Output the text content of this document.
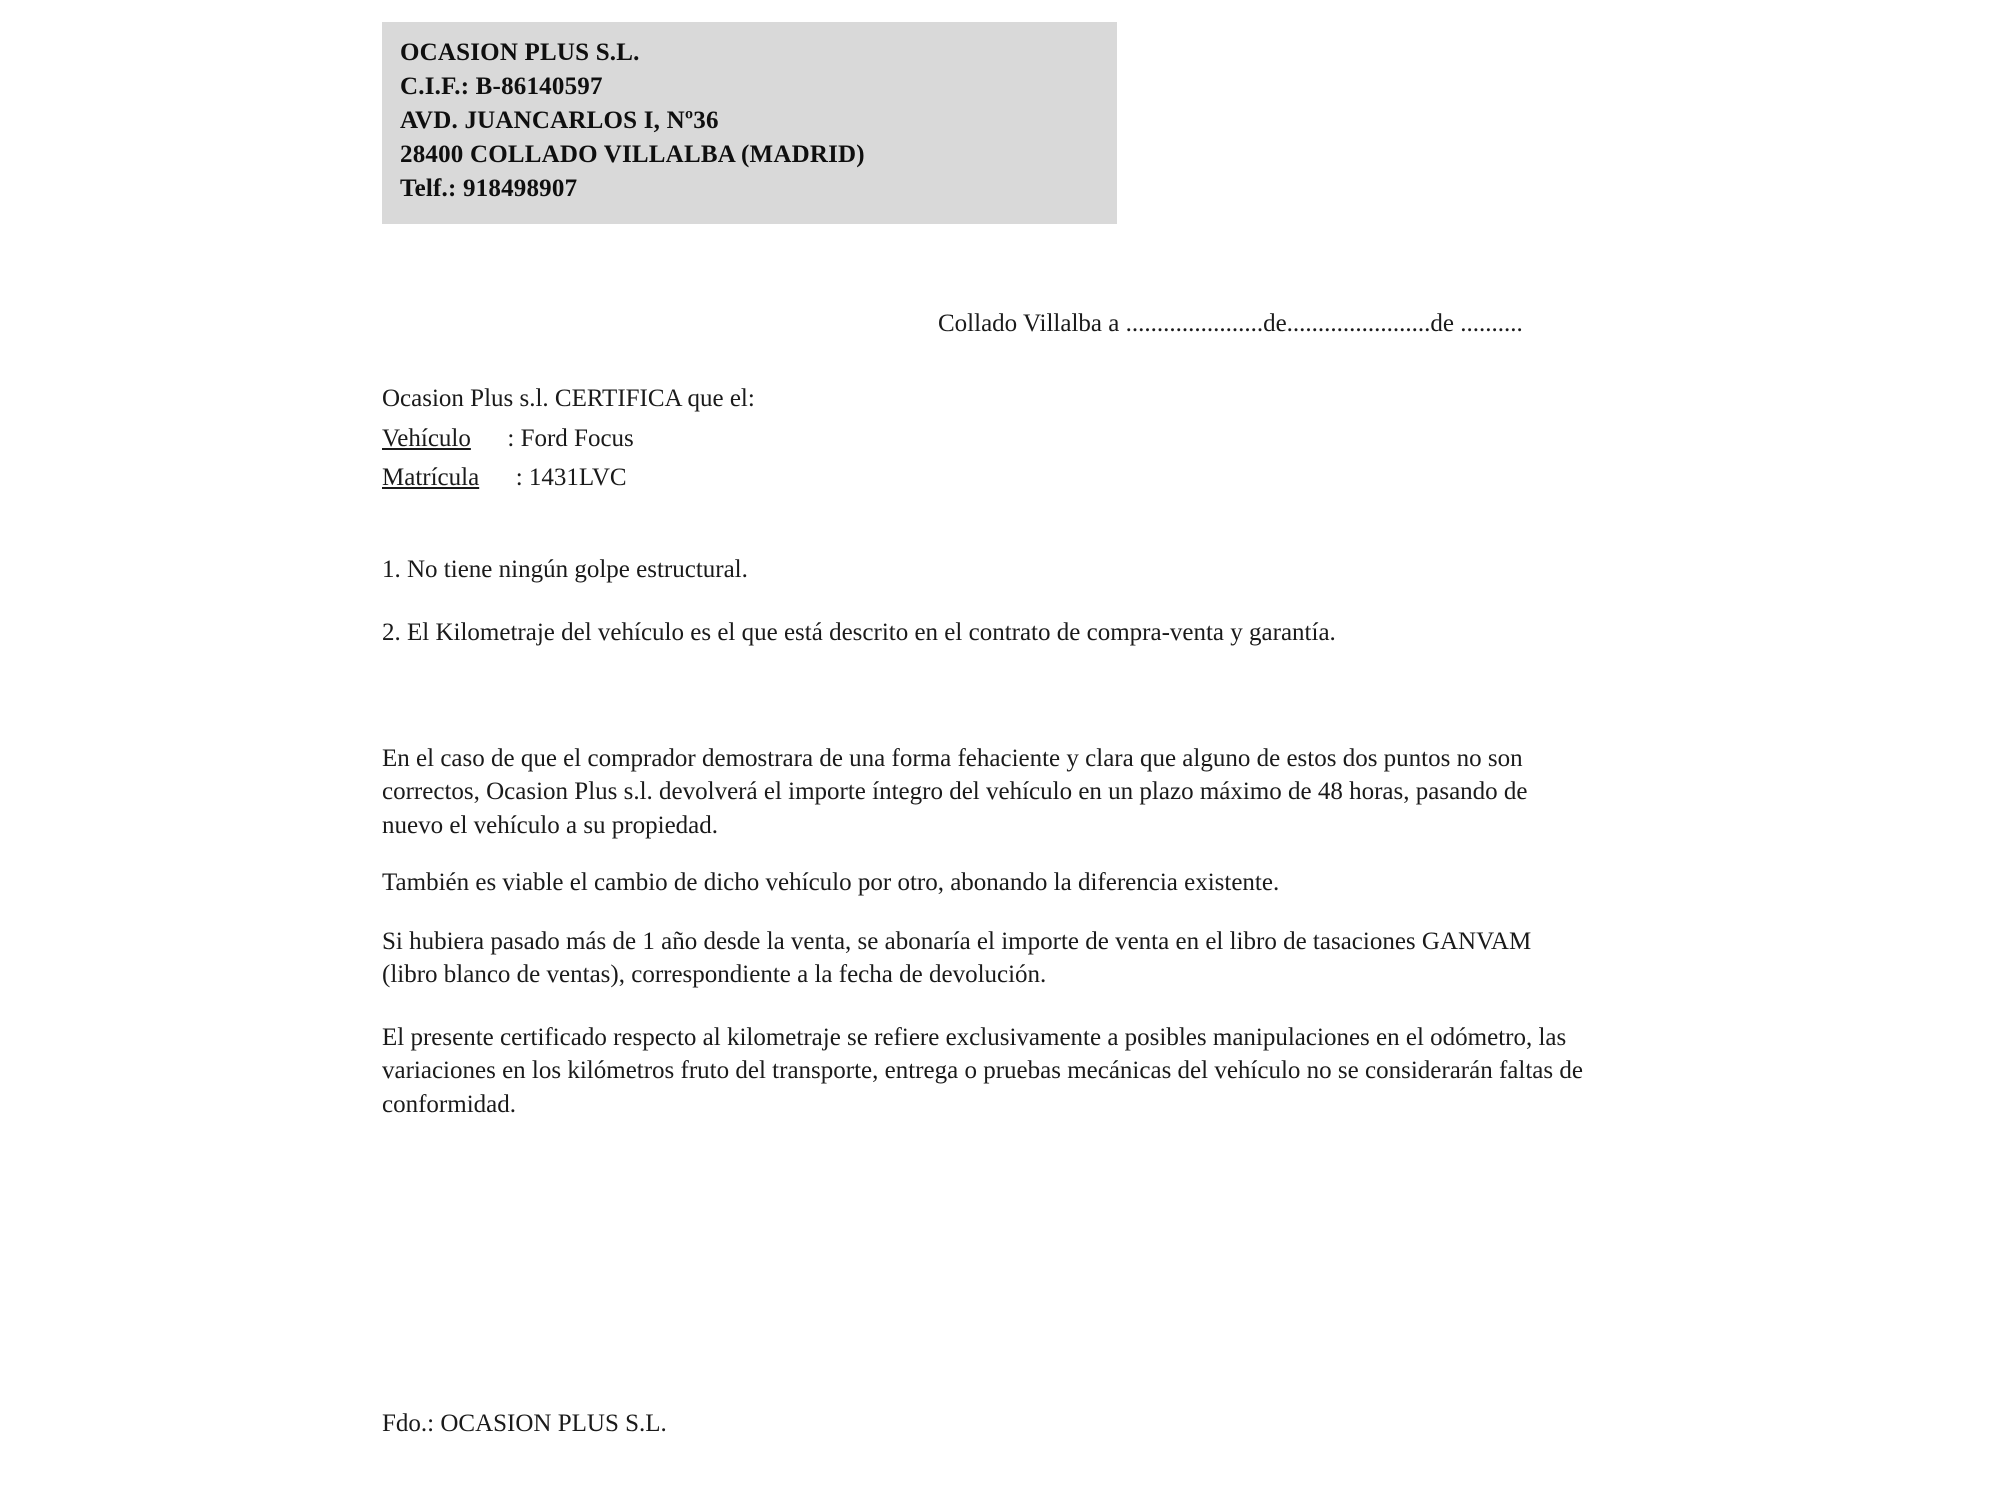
OCASION PLUS S.L.
C.I.F.: B-86140597
AVD. JUANCARLOS I, Nº36
28400 COLLADO VILLALBA (MADRID)
Telf.: 918498907
Collado Villalba a ......................de.......................de ..........
Ocasion Plus s.l. CERTIFICA que el:
Vehículo : Ford Focus
Matrícula : 1431LVC
1. No tiene ningún golpe estructural.
2. El Kilometraje del vehículo es el que está descrito en el contrato de compra-venta y garantía.
En el caso de que el comprador demostrara de una forma fehaciente y clara que alguno de estos dos puntos no son correctos, Ocasion Plus s.l. devolverá el importe íntegro del vehículo en un plazo máximo de 48 horas, pasando de nuevo el vehículo a su propiedad.
También es viable el cambio de dicho vehículo por otro, abonando la diferencia existente.
Si hubiera pasado más de 1 año desde la venta, se abonaría el importe de venta en el libro de tasaciones GANVAM (libro blanco de ventas), correspondiente a la fecha de devolución.
El presente certificado respecto al kilometraje se refiere exclusivamente a posibles manipulaciones en el odómetro, las variaciones en los kilómetros fruto del transporte, entrega o pruebas mecánicas del vehículo no se considerarán faltas de conformidad.
Fdo.: OCASION PLUS S.L.
